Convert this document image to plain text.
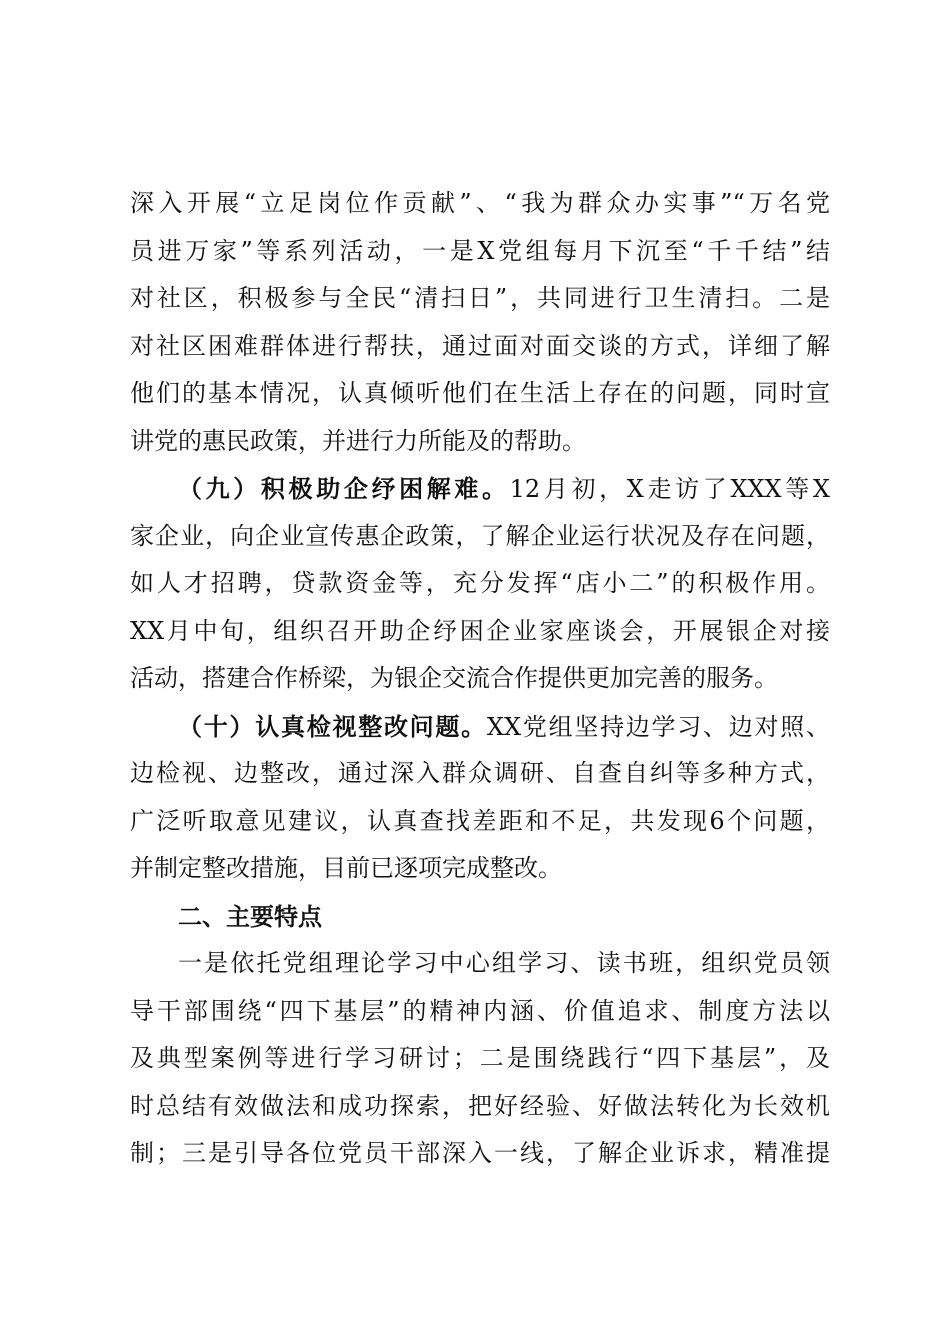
深入开展“立足岗位作贡献”、“我为群众办实事”“万名党
员进万家”等系列活动，一是X党组每月下沉至“千千结”结
对社区，积极参与全民“清扫日”，共同进行卫生清扫。二是
对社区困难群体进行帮扶，通过面对面交谈的方式，详细了解
他们的基本情况，认真倾听他们在生活上存在的问题，同时宣
讲党的惠民政策，并进行力所能及的帮助。
（九）积极助企纾困解难。12月初，X走访了XXX等X
家企业，向企业宣传惠企政策，了解企业运行状况及存在问题，
如人才招聘，贷款资金等，充分发挥“店小二”的积极作用。
XX月中旬，组织召开助企纾困企业家座谈会，开展银企对接
活动，搭建合作桥梁，为银企交流合作提供更加完善的服务。
（十）认真检视整改问题。XX党组坚持边学习、边对照、
边检视、边整改，通过深入群众调研、自查自纠等多种方式，
广泛听取意见建议，认真查找差距和不足，共发现6个问题，
并制定整改措施，目前已逐项完成整改。
二、主要特点
一是依托党组理论学习中心组学习、读书班，组织党员领
导干部围绕“四下基层”的精神内涵、价值追求、制度方法以
及典型案例等进行学习研讨；二是围绕践行“四下基层”，及
时总结有效做法和成功探索，把好经验、好做法转化为长效机
制；三是引导各位党员干部深入一线，了解企业诉求，精准提
